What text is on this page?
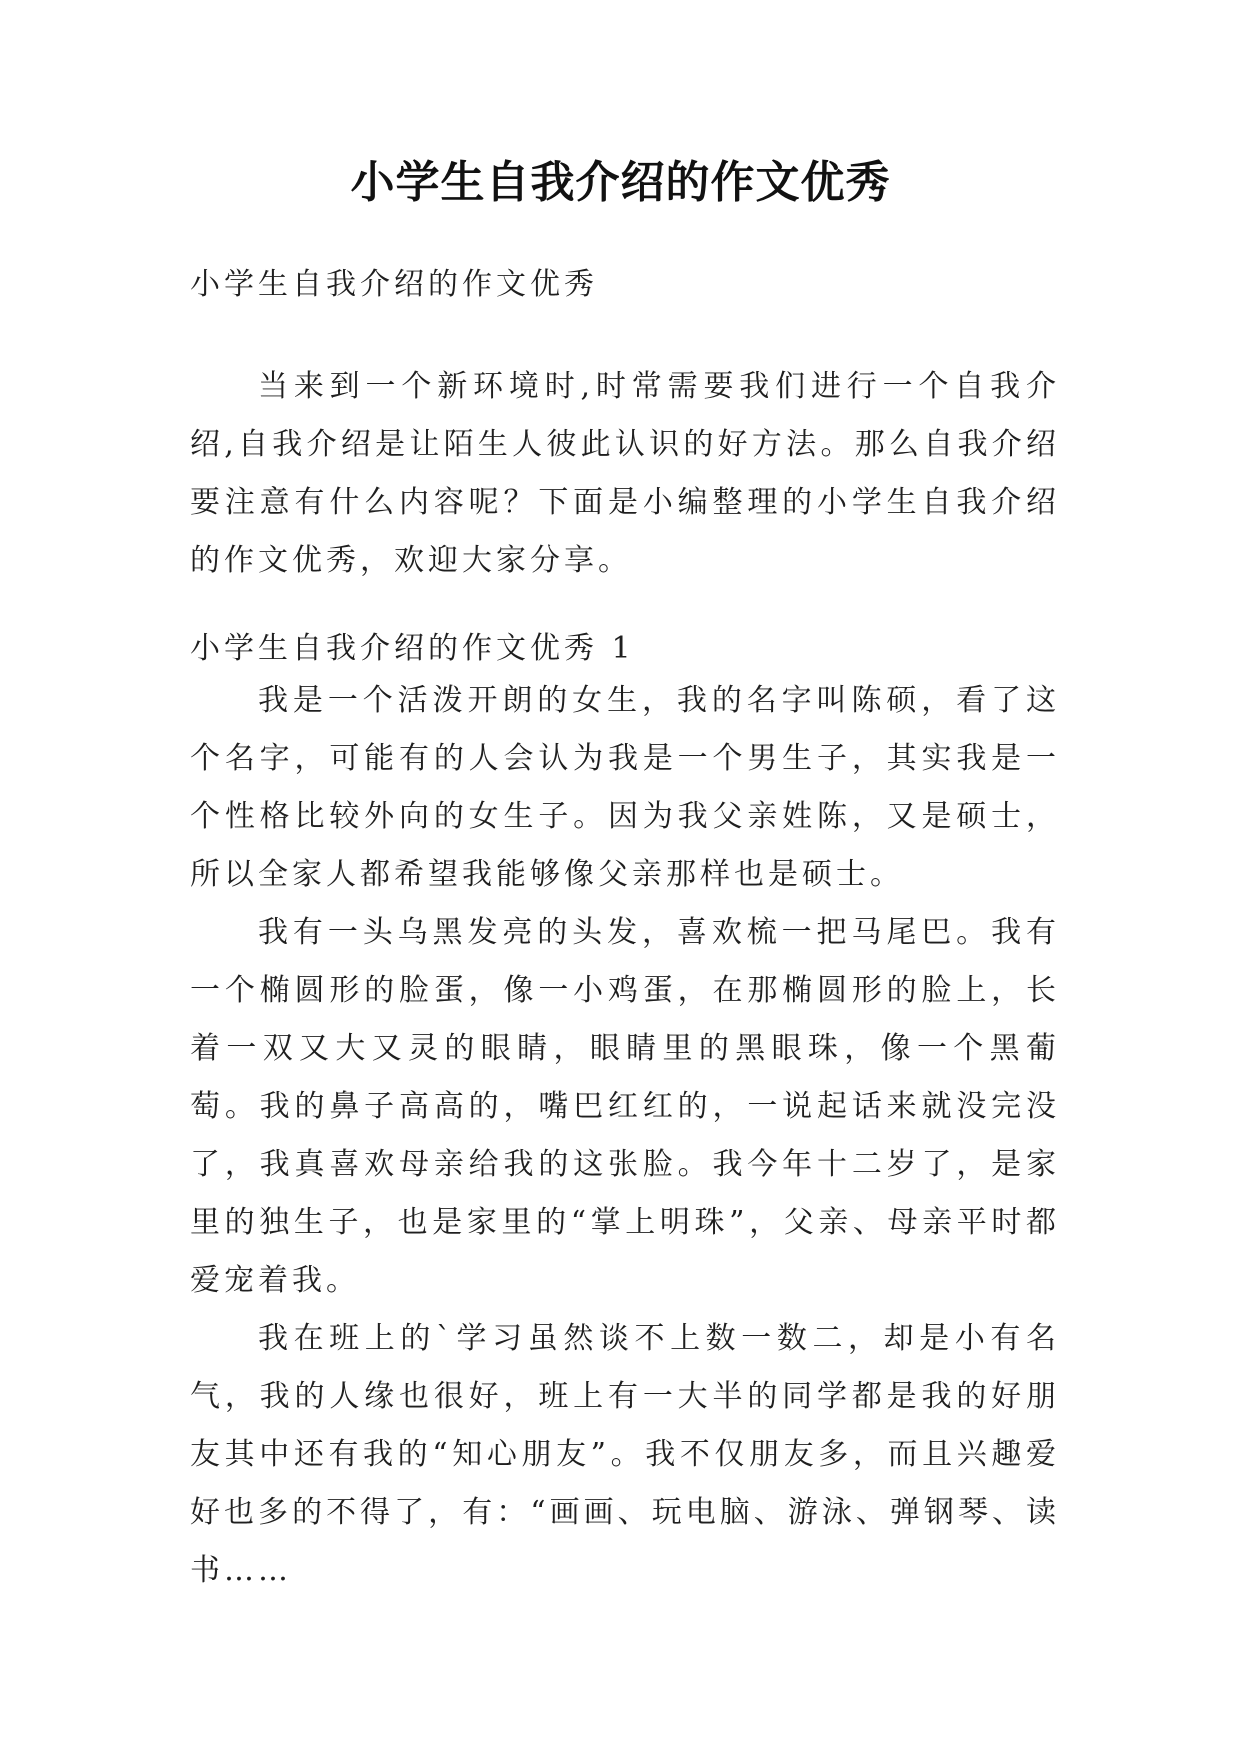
小学生自我介绍的作文优秀
小学生自我介绍的作文优秀

当来到一个新环境时,时常需要我们进行一个自我介绍,自我介绍是让陌生人彼此认识的好方法。那么自我介绍要注意有什么内容呢？下面是小编整理的小学生自我介绍的作文优秀，欢迎大家分享。

小学生自我介绍的作文优秀 1

我是一个活泼开朗的女生，我的名字叫陈硕，看了这个名字，可能有的人会认为我是一个男生子，其实我是一个性格比较外向的女生子。因为我父亲姓陈，又是硕士，所以全家人都希望我能够像父亲那样也是硕士。

我有一头乌黑发亮的头发，喜欢梳一把马尾巴。我有一个椭圆形的脸蛋，像一小鸡蛋，在那椭圆形的脸上，长着一双又大又灵的眼睛，眼睛里的黑眼珠，像一个黑葡萄。我的鼻子高高的，嘴巴红红的，一说起话来就没完没了，我真喜欢母亲给我的这张脸。我今年十二岁了，是家里的独生子，也是家里的“掌上明珠”，父亲、母亲平时都爱宠着我。

我在班上的`学习虽然谈不上数一数二，却是小有名气，我的人缘也很好，班上有一大半的同学都是我的好朋友其中还有我的“知心朋友”。我不仅朋友多，而且兴趣爱好也多的不得了，有：“画画、玩电脑、游泳、弹钢琴、读书……
